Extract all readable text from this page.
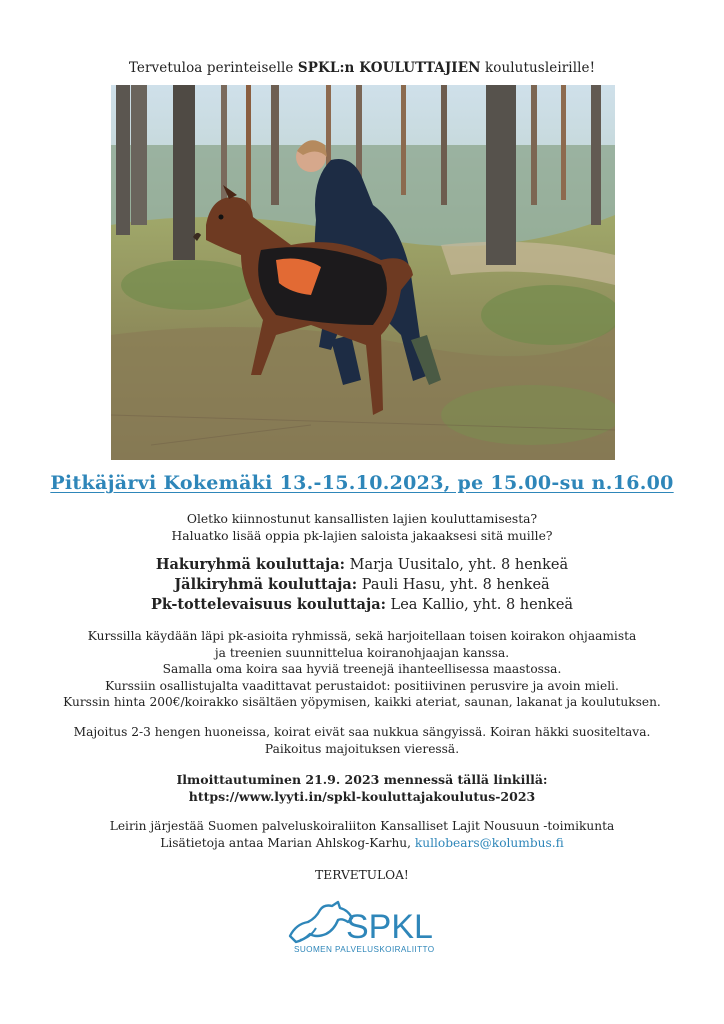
Tervetuloa perinteiselle SPKL:n KOULUTTAJIEN koulutusleirille!
Pitkäjärvi Kokemäki 13.-15.10.2023, pe 15.00-su n.16.00
Oletko kiinnostunut kansallisten lajien kouluttamisesta?
Haluatko lisää oppia pk-lajien saloista jakaaksesi sitä muille?
Hakuryhmä kouluttaja: Marja Uusitalo, yht. 8 henkeä
Jälkiryhmä kouluttaja: Pauli Hasu, yht. 8 henkeä
Pk-tottelevaisuus kouluttaja: Lea Kallio, yht. 8 henkeä
Kurssilla käydään läpi pk-asioita ryhmissä, sekä harjoitellaan toisen koirakon ohjaamista
ja treenien suunnittelua koiranohjaajan kanssa.
Samalla oma koira saa hyviä treenejä ihanteellisessa maastossa.
Kurssiin osallistujalta vaadittavat perustaidot: positiivinen perusvire ja avoin mieli.
Kurssin hinta 200€/koirakko sisältäen yöpymisen, kaikki ateriat, saunan, lakanat ja koulutuksen.
Majoitus 2-3 hengen huoneissa, koirat eivät saa nukkua sängyissä. Koiran häkki suositeltava.
Paikoitus majoituksen vieressä.
Ilmoittautuminen 21.9. 2023 mennessä tällä linkillä:
https://www.lyyti.in/spkl-kouluttajakoulutus-2023
Leirin järjestää Suomen palveluskoiraliiton Kansalliset Lajit Nousuun -toimikunta
Lisätietoja antaa Marian Ahlskog-Karhu, kullobears@kolumbus.fi
TERVETULOA!
SPKL
SUOMEN PALVELUSKOIRALIITTO
